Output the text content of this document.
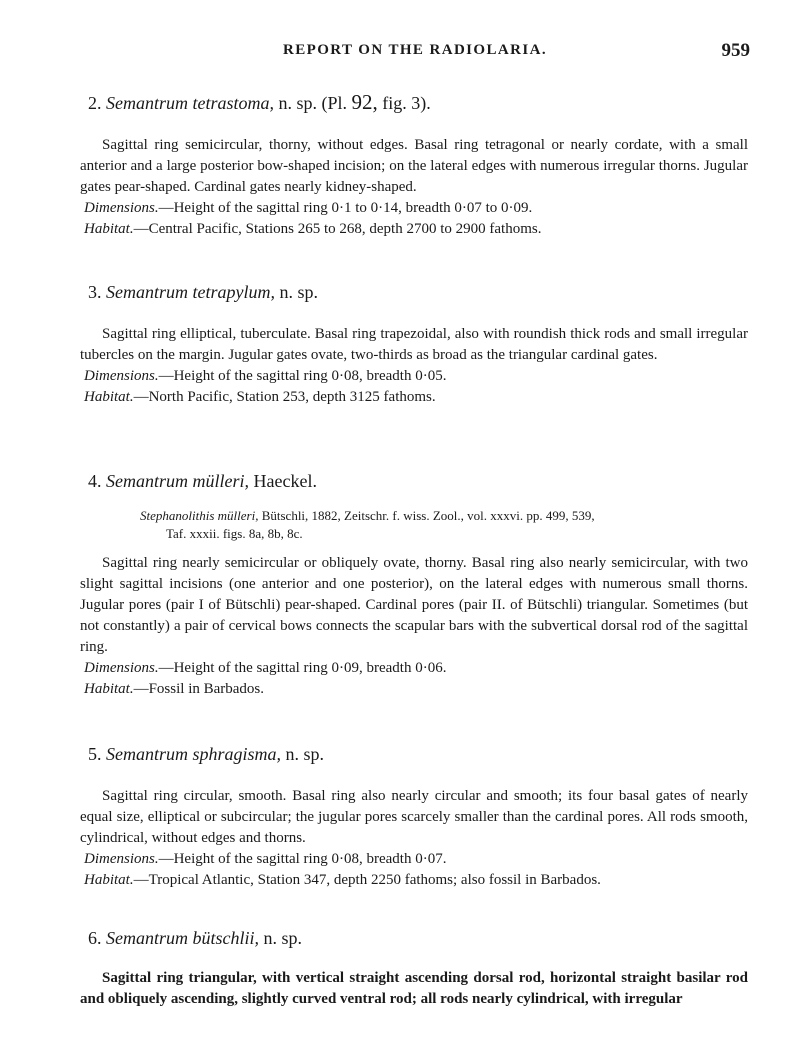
REPORT ON THE RADIOLARIA.	959

2. Semantrum tetrastoma, n. sp. (Pl. 92, fig. 3).

Sagittal ring semicircular, thorny, without edges. Basal ring tetragonal or nearly cordate, with a small anterior and a large posterior bow-shaped incision; on the lateral edges with numerous irregular thorns. Jugular gates pear-shaped. Cardinal gates nearly kidney-shaped.

Dimensions.—Height of the sagittal ring 0·1 to 0·14, breadth 0·07 to 0·09.

Habitat.—Central Pacific, Stations 265 to 268, depth 2700 to 2900 fathoms.

3. Semantrum tetrapylum, n. sp.

Sagittal ring elliptical, tuberculate. Basal ring trapezoidal, also with roundish thick rods and small irregular tubercles on the margin. Jugular gates ovate, two-thirds as broad as the triangular cardinal gates.

Dimensions.—Height of the sagittal ring 0·08, breadth 0·05.

Habitat.—North Pacific, Station 253, depth 3125 fathoms.

4. Semantrum mülleri, Haeckel.

Stephanolithis mülleri, Bütschli, 1882, Zeitschr. f. wiss. Zool., vol. xxxvi. pp. 499, 539,
Taf. xxxii. figs. 8a, 8b, 8c.

Sagittal ring nearly semicircular or obliquely ovate, thorny. Basal ring also nearly semicircular, with two slight sagittal incisions (one anterior and one posterior), on the lateral edges with numerous small thorns. Jugular pores (pair I of Bütschli) pear-shaped. Cardinal pores (pair II. of Bütschli) triangular. Sometimes (but not constantly) a pair of cervical bows connects the scapular bars with the subvertical dorsal rod of the sagittal ring.

Dimensions.—Height of the sagittal ring 0·09, breadth 0·06.

Habitat.—Fossil in Barbados.

5. Semantrum sphragisma, n. sp.

Sagittal ring circular, smooth. Basal ring also nearly circular and smooth; its four basal gates of nearly equal size, elliptical or subcircular; the jugular pores scarcely smaller than the cardinal pores. All rods smooth, cylindrical, without edges and thorns.

Dimensions.—Height of the sagittal ring 0·08, breadth 0·07.

Habitat.—Tropical Atlantic, Station 347, depth 2250 fathoms; also fossil in Barbados.

6. Semantrum bütschlii, n. sp.

Sagittal ring triangular, with vertical straight ascending dorsal rod, horizontal straight basilar rod and obliquely ascending, slightly curved ventral rod; all rods nearly cylindrical, with irregular
